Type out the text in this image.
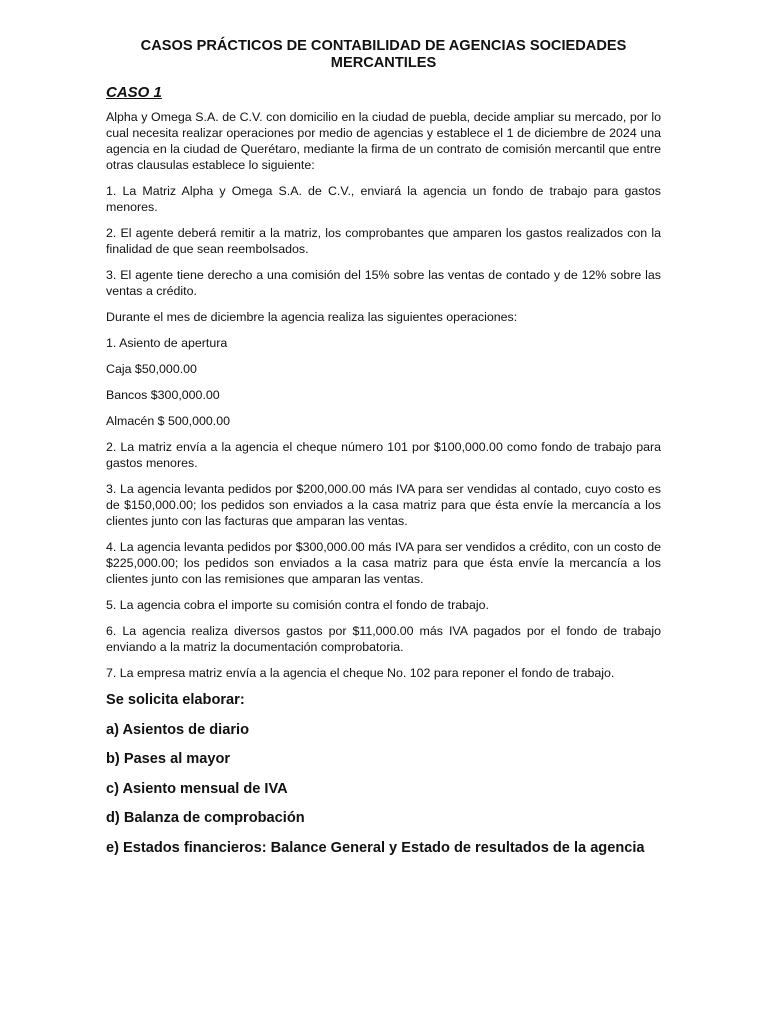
CASOS PRÁCTICOS DE CONTABILIDAD DE AGENCIAS SOCIEDADES MERCANTILES
CASO 1

Alpha y Omega S.A. de C.V. con domicilio en la ciudad de puebla, decide ampliar su mercado, por lo cual necesita realizar operaciones por medio de agencias y establece el 1 de diciembre de 2024 una agencia en la ciudad de Querétaro, mediante la firma de un contrato de comisión mercantil que entre otras clausulas establece lo siguiente:

1. La Matriz Alpha y Omega S.A. de C.V., enviará la agencia un fondo de trabajo para gastos menores.

2. El agente deberá remitir a la matriz, los comprobantes que amparen los gastos realizados con la finalidad de que sean reembolsados.

3. El agente tiene derecho a una comisión del 15% sobre las ventas de contado y de 12% sobre las ventas a crédito.

Durante el mes de diciembre la agencia realiza las siguientes operaciones:

1. Asiento de apertura

Caja $50,000.00

Bancos $300,000.00

Almacén $ 500,000.00

2. La matriz envía a la agencia el cheque número 101 por $100,000.00 como fondo de trabajo para gastos menores.

3. La agencia levanta pedidos por $200,000.00 más IVA para ser vendidas al contado, cuyo costo es de $150,000.00; los pedidos son enviados a la casa matriz para que ésta envíe la mercancía a los clientes junto con las facturas que amparan las ventas.

4. La agencia levanta pedidos por $300,000.00 más IVA para ser vendidos a crédito, con un costo de $225,000.00; los pedidos son enviados a la casa matriz para que ésta envíe la mercancía a los clientes junto con las remisiones que amparan las ventas.

5. La agencia cobra el importe su comisión contra el fondo de trabajo.

6. La agencia realiza diversos gastos por $11,000.00 más IVA pagados por el fondo de trabajo enviando a la matriz la documentación comprobatoria.

7. La empresa matriz envía a la agencia el cheque No. 102 para reponer el fondo de trabajo.

Se solicita elaborar:
a) Asientos de diario
b) Pases al mayor
c) Asiento mensual de IVA
d) Balanza de comprobación
e) Estados financieros: Balance General y Estado de resultados de la agencia
